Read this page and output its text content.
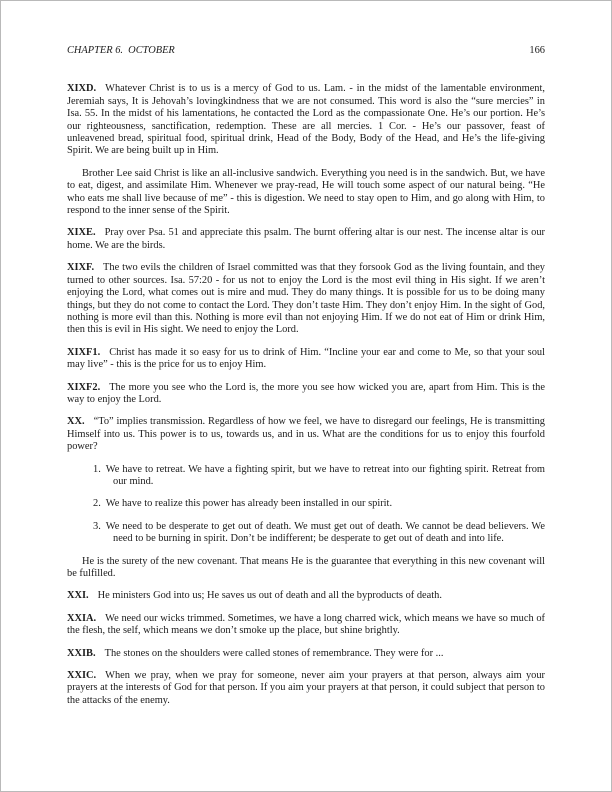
CHAPTER 6.  OCTOBER	166

XIXD. Whatever Christ is to us is a mercy of God to us. Lam. - in the midst of the lamentable environment, Jeremiah says, It is Jehovah’s lovingkindness that we are not consumed. This word is also the “sure mercies” in Isa. 55. In the midst of his lamentations, he contacted the Lord as the compassionate One. He’s our portion. He’s our righteousness, sanctification, redemption. These are all mercies. 1 Cor. - He’s our passover, feast of unleavened bread, spiritual food, spiritual drink, Head of the Body, Body of the Head, and He’s the life-giving Spirit. We are being built up in Him.

Brother Lee said Christ is like an all-inclusive sandwich. Everything you need is in the sandwich. But, we have to eat, digest, and assimilate Him. Whenever we pray-read, He will touch some aspect of our natural being. “He who eats me shall live because of me” - this is digestion. We need to stay open to Him, and go along with Him, to respond to the inner sense of the Spirit.

XIXE. Pray over Psa. 51 and appreciate this psalm. The burnt offering altar is our nest. The incense altar is our home. We are the birds.

XIXF. The two evils the children of Israel committed was that they forsook God as the living fountain, and they turned to other sources. Isa. 57:20 - for us not to enjoy the Lord is the most evil thing in His sight. If we aren’t enjoying the Lord, what comes out is mire and mud. They do many things. It is possible for us to be doing many things, but they do not come to contact the Lord. They don’t taste Him. They don’t enjoy Him. In the sight of God, nothing is more evil than this. Nothing is more evil than not enjoying Him. If we do not eat of Him or drink Him, then this is evil in His sight. We need to enjoy the Lord.

XIXF1. Christ has made it so easy for us to drink of Him. “Incline your ear and come to Me, so that your soul may live” - this is the price for us to enjoy Him.

XIXF2. The more you see who the Lord is, the more you see how wicked you are, apart from Him. This is the way to enjoy the Lord.

XX. “To” implies transmission. Regardless of how we feel, we have to disregard our feelings, He is transmitting Himself into us. This power is to us, towards us, and in us. What are the conditions for us to enjoy this fourfold power?

1. We have to retreat. We have a fighting spirit, but we have to retreat into our fighting spirit. Retreat from our mind.
2. We have to realize this power has already been installed in our spirit.
3. We need to be desperate to get out of death. We must get out of death. We cannot be dead believers. We need to be burning in spirit. Don’t be indifferent; be desperate to get out of death and into life.

He is the surety of the new covenant. That means He is the guarantee that everything in this new covenant will be fulfilled.

XXI. He ministers God into us; He saves us out of death and all the byproducts of death.

XXIA. We need our wicks trimmed. Sometimes, we have a long charred wick, which means we have so much of the flesh, the self, which means we don’t smoke up the place, but shine brightly.

XXIB. The stones on the shoulders were called stones of remembrance. They were for ...

XXIC. When we pray, when we pray for someone, never aim your prayers at that person, always aim your prayers at the interests of God for that person. If you aim your prayers at that person, it could subject that person to the attacks of the enemy.
